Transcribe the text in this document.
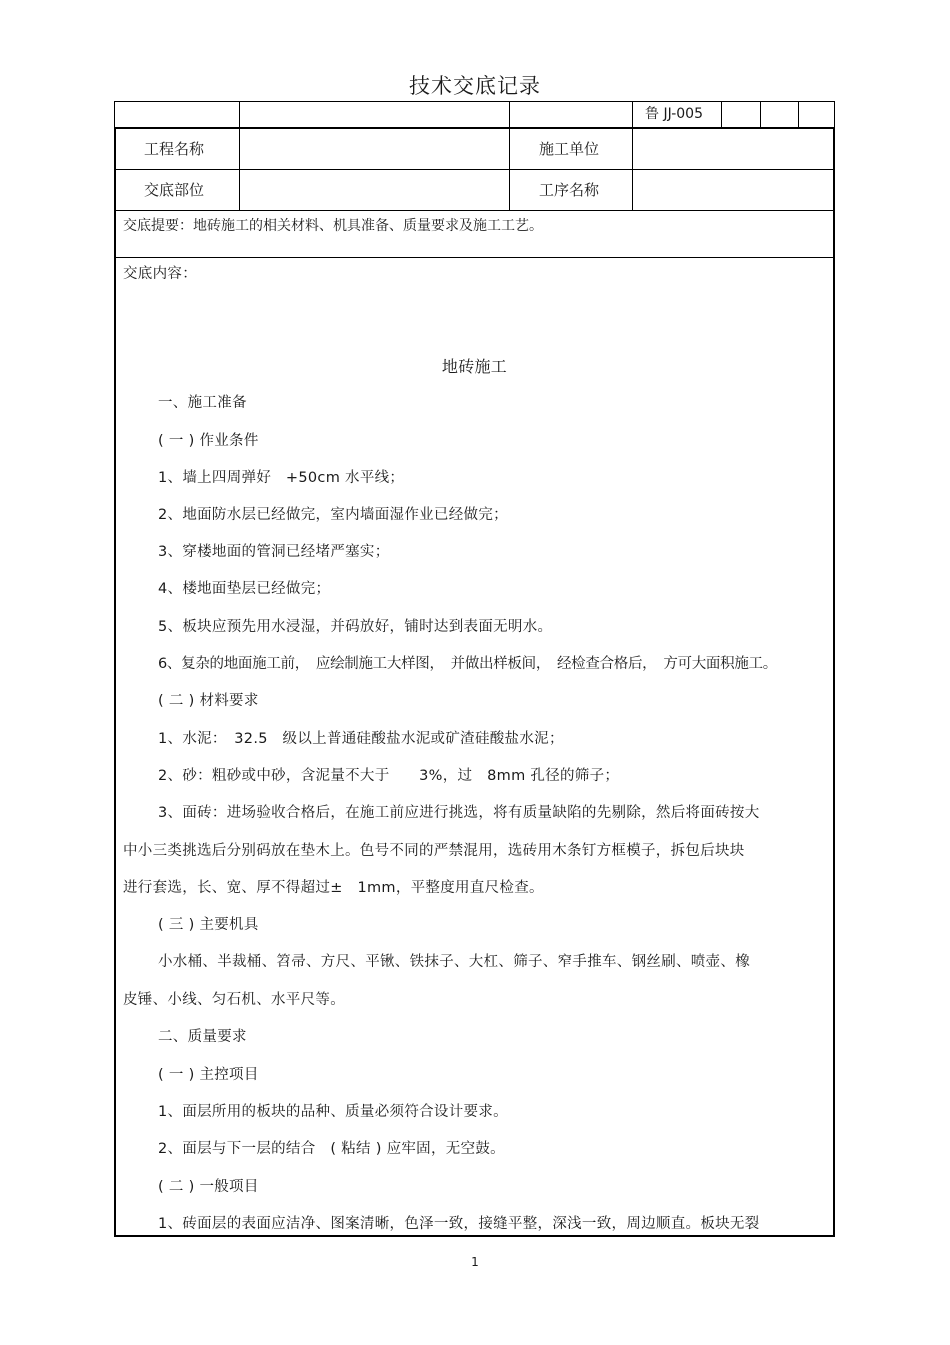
技术交底记录
鲁 JJ-005
工程名称	施工单位
交底部位	工序名称
交底提要：地砖施工的相关材料、机具准备、质量要求及施工工艺。
交底内容：
地砖施工
一、施工准备
( 一 ) 作业条件
1、墙上四周弹好　+50cm 水平线；
2、地面防水层已经做完，室内墙面湿作业已经做完；
3、穿楼地面的管洞已经堵严塞实；
4、楼地面垫层已经做完；
5、板块应预先用水浸湿，并码放好，铺时达到表面无明水。
6、复杂的地面施工前，　应绘制施工大样图，　并做出样板间，　经检查合格后，　方可大面积施工。
( 二 ) 材料要求
1、水泥：　32.5　级以上普通硅酸盐水泥或矿渣硅酸盐水泥；
2、砂：粗砂或中砂，含泥量不大于　　3%，过　8mm 孔径的筛子；
3、面砖：进场验收合格后，在施工前应进行挑选，将有质量缺陷的先剔除，然后将面砖按大
中小三类挑选后分别码放在垫木上。色号不同的严禁混用，选砖用木条钉方框模子，拆包后块块
进行套选，长、宽、厚不得超过±　1mm，平整度用直尺检查。
( 三 ) 主要机具
小水桶、半裁桶、笤帚、方尺、平锹、铁抹子、大杠、筛子、窄手推车、钢丝刷、喷壶、橡
皮锤、小线、匀石机、水平尺等。
二、质量要求
( 一 ) 主控项目
1、面层所用的板块的品种、质量必须符合设计要求。
2、面层与下一层的结合　( 粘结 ) 应牢固，无空鼓。
( 二 ) 一般项目
1、砖面层的表面应洁净、图案清晰，色泽一致，接缝平整，深浅一致，周边顺直。板块无裂
1
